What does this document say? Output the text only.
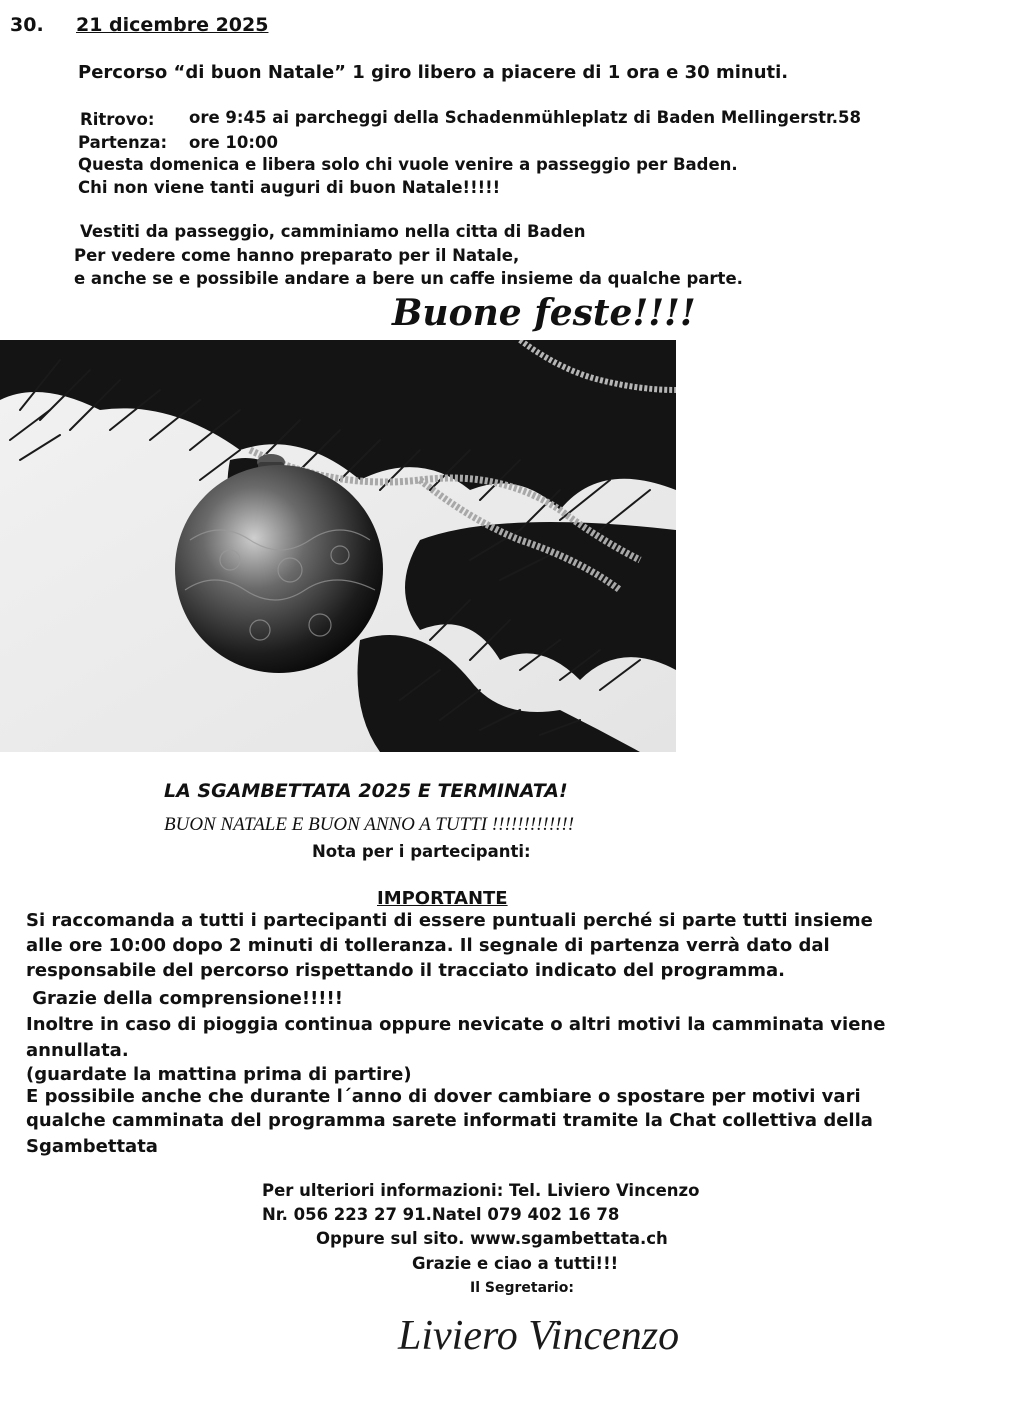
30. 21 dicembre 2025
Percorso “di buon Natale” 1 giro libero a piacere di 1 ora e 30 minuti.
Ritrovo: ore 9:45 ai parcheggi della Schadenmühleplatz di Baden Mellingerstr.58
Partenza: ore 10:00
Questa domenica e libera solo chi vuole venire a passeggio per Baden.
Chi non viene tanti auguri di buon Natale!!!!!
Vestiti da passeggio, camminiamo nella citta di Baden
Per vedere come hanno preparato per il Natale,
e anche se e possibile andare a bere un caffe insieme da qualche parte.
Buone feste!!!!
LA SGAMBETTATA 2025 E TERMINATA!
BUON NATALE E BUON ANNO A TUTTI !!!!!!!!!!!!!
Nota per i partecipanti:
IMPORTANTE
Si raccomanda a tutti i partecipanti di essere puntuali perché si parte tutti insieme
alle ore 10:00 dopo 2 minuti di tolleranza. Il segnale di partenza verrà dato dal
responsabile del percorso rispettando il tracciato indicato del programma.
Grazie della comprensione!!!!!
Inoltre in caso di pioggia continua oppure nevicate o altri motivi la camminata viene
annullata.
(guardate la mattina prima di partire)
E possibile anche che durante l´anno di dover cambiare o spostare per motivi vari
qualche camminata del programma sarete informati tramite la Chat collettiva della
Sgambettata
Per ulteriori informazioni: Tel. Liviero Vincenzo
Nr. 056 223 27 91.Natel 079 402 16 78
Oppure sul sito. www.sgambettata.ch
Grazie e ciao a tutti!!!
Il Segretario:
Liviero Vincenzo
